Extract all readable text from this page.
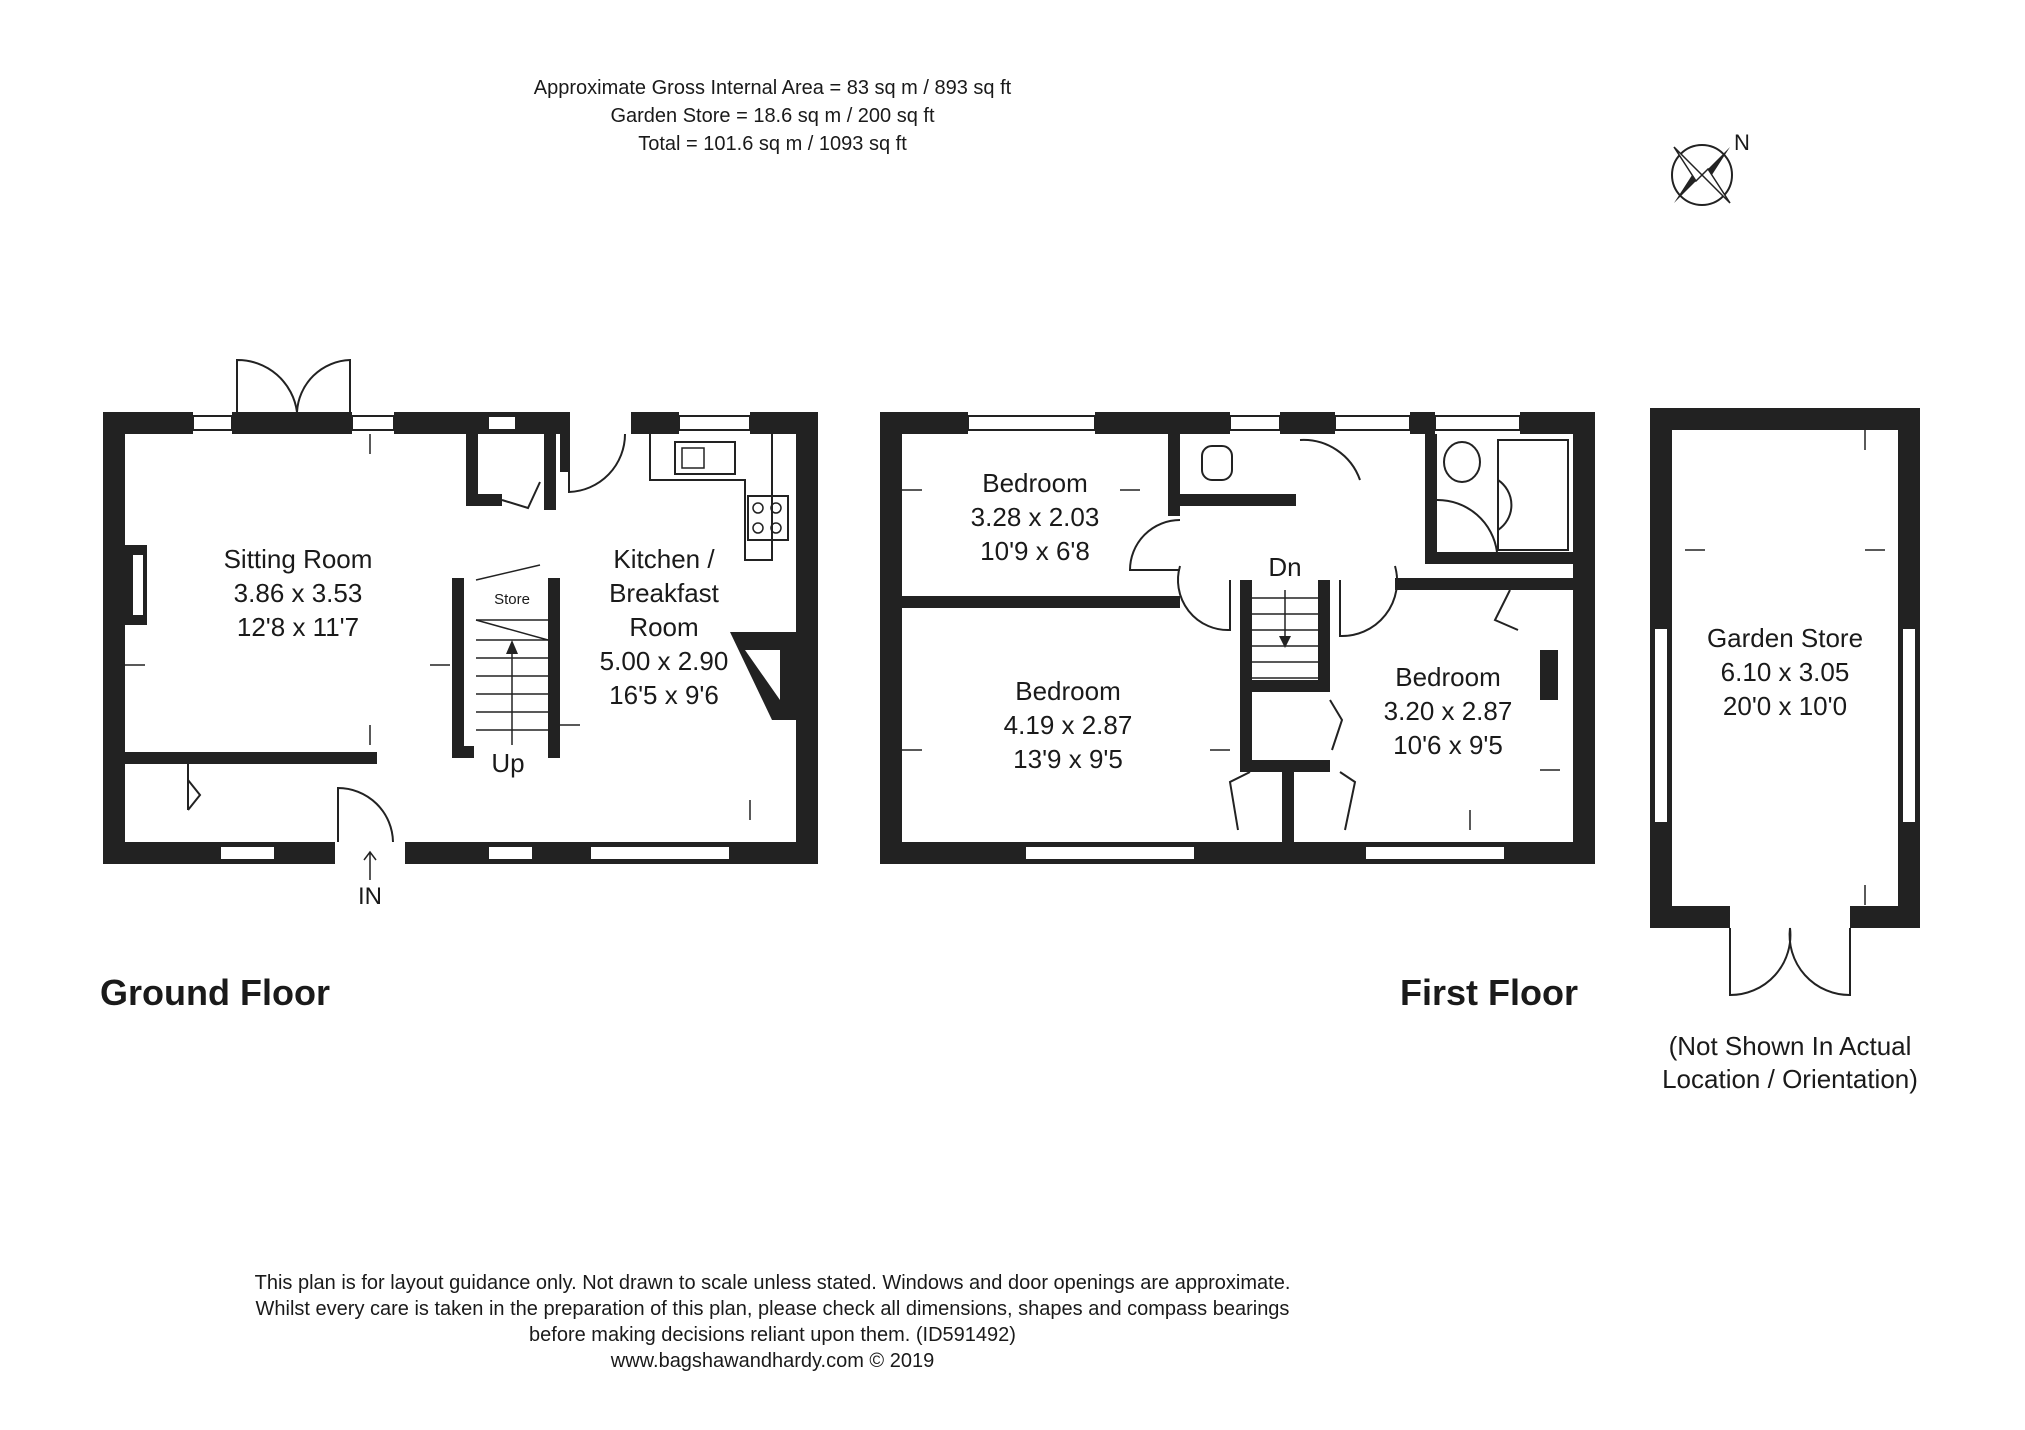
Approximate Gross Internal Area = 83 sq m / 893 sq ft
Garden Store = 18.6 sq m / 200 sq ft
Total = 101.6 sq m / 1093 sq ft	N
Sitting Room
3.86 x 3.53
12'8 x 11'7
Kitchen /
Breakfast
Room
5.00 x 2.90
16'5 x 9'6
Store
Up
IN
Bedroom
3.28 x 2.03
10'9 x 6'8
Bedroom
4.19 x 2.87
13'9 x 9'5
Bedroom
3.20 x 2.87
10'6 x 9'5
Dn
Garden Store
6.10 x 3.05
20'0 x 10'0
Ground Floor	First Floor
(Not Shown In Actual
Location / Orientation)
This plan is for layout guidance only. Not drawn to scale unless stated. Windows and door openings are approximate.
Whilst every care is taken in the preparation of this plan, please check all dimensions, shapes and compass bearings
before making decisions reliant upon them. (ID591492)
www.bagshawandhardy.com © 2019
